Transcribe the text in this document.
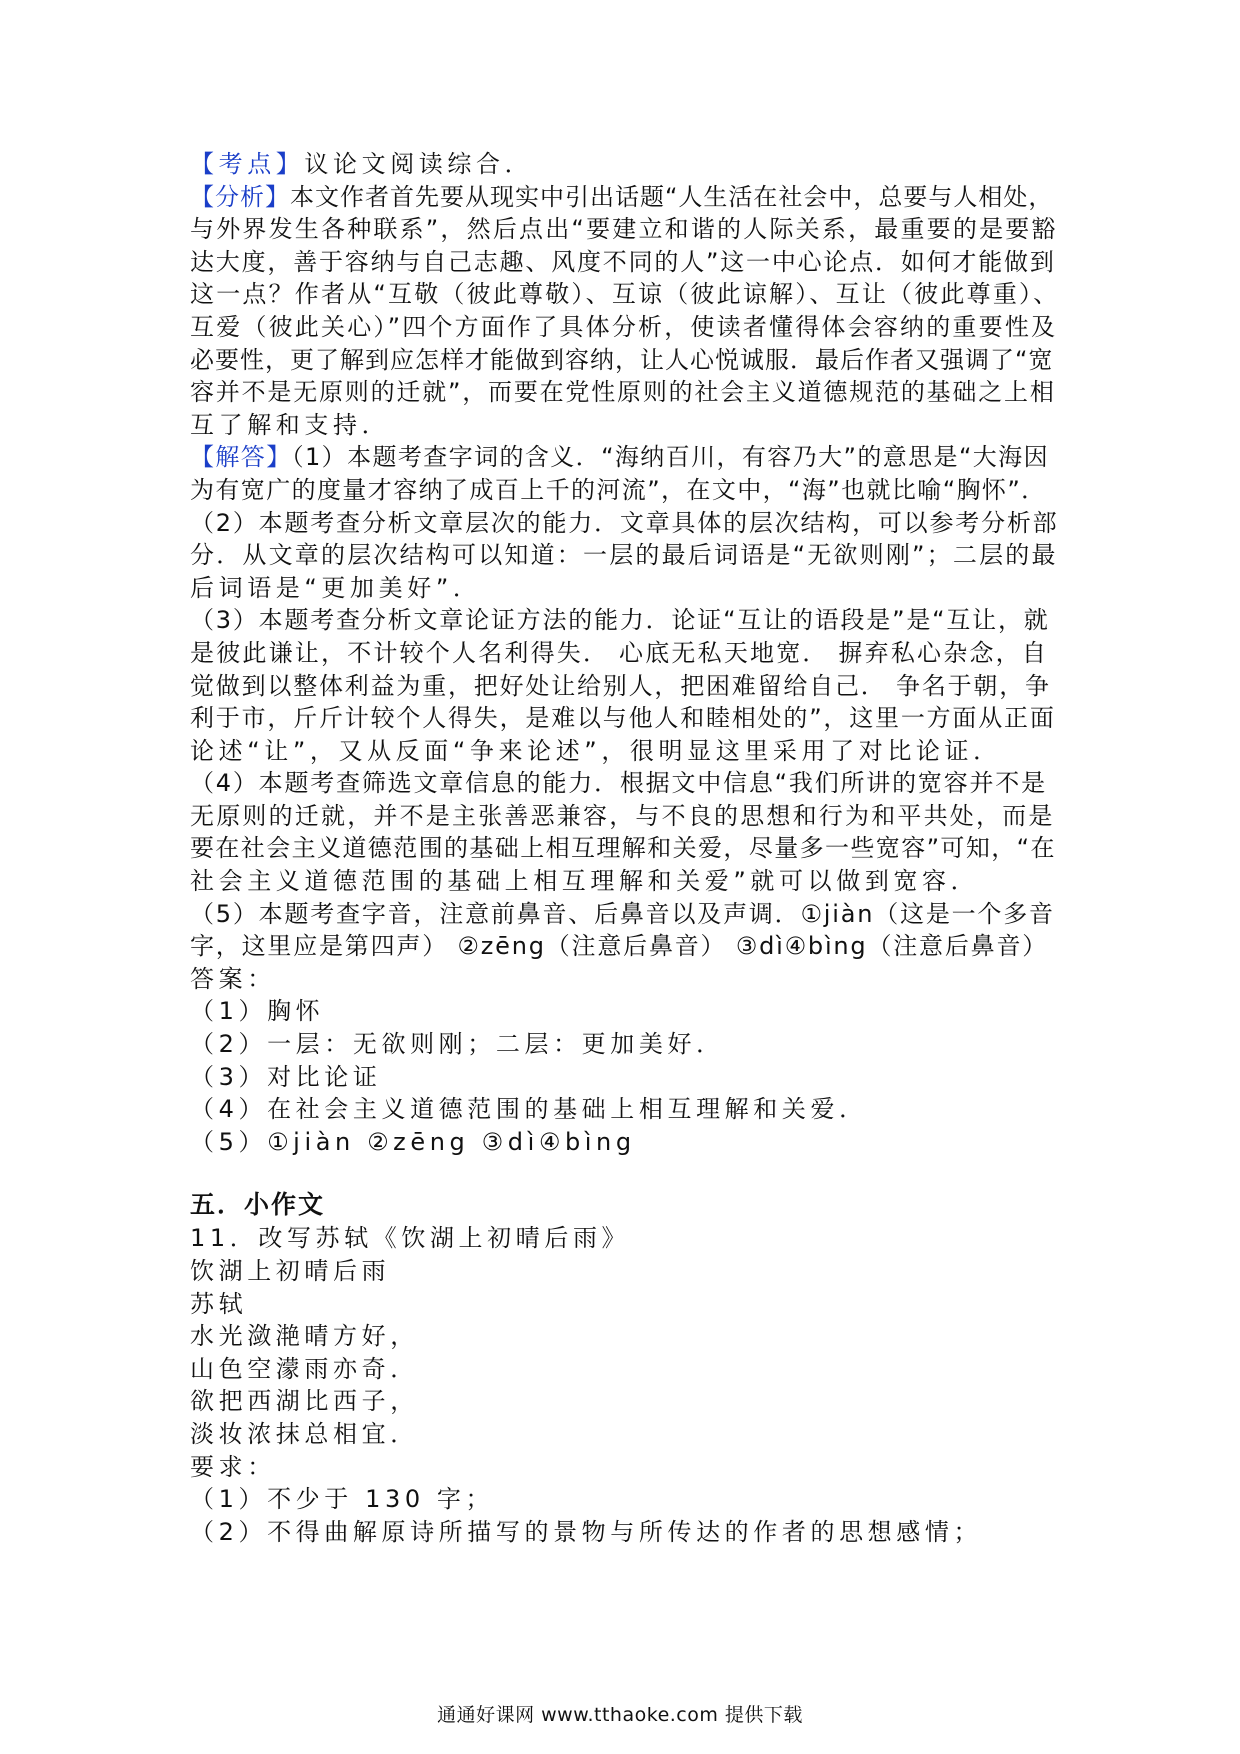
【考点】议论文阅读综合．
【分析】本文作者首先要从现实中引出话题“人生活在社会中，总要与人相处，
与外界发生各种联系”，然后点出“要建立和谐的人际关系，最重要的是要豁
达大度，善于容纳与自己志趣、风度不同的人”这一中心论点．如何才能做到
这一点？作者从“互敬（彼此尊敬）、互谅（彼此谅解）、互让（彼此尊重）、
互爱（彼此关心）”四个方面作了具体分析，使读者懂得体会容纳的重要性及
必要性，更了解到应怎样才能做到容纳，让人心悦诚服．最后作者又强调了“宽
容并不是无原则的迁就”，而要在党性原则的社会主义道德规范的基础之上相
互了解和支持．
【解答】（1）本题考查字词的含义．“海纳百川，有容乃大”的意思是“大海因
为有宽广的度量才容纳了成百上千的河流”，在文中，“海”也就比喻“胸怀”．
（2）本题考查分析文章层次的能力．文章具体的层次结构，可以参考分析部
分．从文章的层次结构可以知道：一层的最后词语是“无欲则刚”；二层的最
后词语是“更加美好”．
（3）本题考查分析文章论证方法的能力．论证“互让的语段是”是“互让，就
是彼此谦让，不计较个人名利得失． 心底无私天地宽． 摒弃私心杂念，自
觉做到以整体利益为重，把好处让给别人，把困难留给自己． 争名于朝，争
利于市，斤斤计较个人得失，是难以与他人和睦相处的”，这里一方面从正面
论述“让”，又从反面“争来论述”，很明显这里采用了对比论证．
（4）本题考查筛选文章信息的能力．根据文中信息“我们所讲的宽容并不是
无原则的迁就，并不是主张善恶兼容，与不良的思想和行为和平共处，而是
要在社会主义道德范围的基础上相互理解和关爱，尽量多一些宽容”可知，“在
社会主义道德范围的基础上相互理解和关爱”就可以做到宽容．
（5）本题考查字音，注意前鼻音、后鼻音以及声调．①jiàn（这是一个多音
字，这里应是第四声） ②zēng（注意后鼻音） ③dì④bìng（注意后鼻音）
答案：
（1）胸怀
（2）一层：无欲则刚；二层：更加美好．
（3）对比论证
（4）在社会主义道德范围的基础上相互理解和关爱．
（5）①jiàn ②zēng ③dì④bìng
五．小作文
11．改写苏轼《饮湖上初晴后雨》
饮湖上初晴后雨
苏轼
水光潋滟晴方好，
山色空濛雨亦奇．
欲把西湖比西子，
淡妆浓抹总相宜．
要求：
（1）不少于 130 字；
（2）不得曲解原诗所描写的景物与所传达的作者的思想感情；
通通好课网 www.tthaoke.com 提供下载
